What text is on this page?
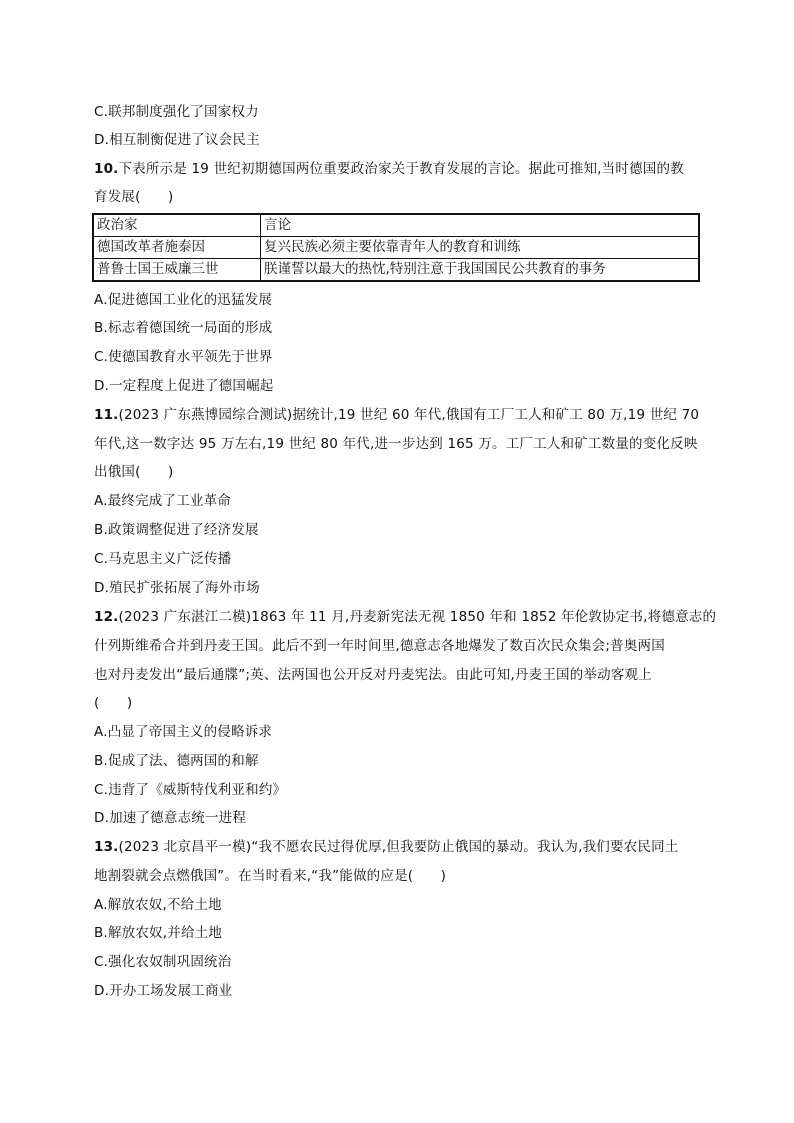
C.联邦制度强化了国家权力
D.相互制衡促进了议会民主
10.下表所示是 19 世纪初期德国两位重要政治家关于教育发展的言论。据此可推知,当时德国的教
育发展(　　)
政治家	言论
德国改革者施泰因	复兴民族必须主要依靠青年人的教育和训练
普鲁士国王威廉三世	朕谨誓以最大的热忱,特别注意于我国国民公共教育的事务
A.促进德国工业化的迅猛发展
B.标志着德国统一局面的形成
C.使德国教育水平领先于世界
D.一定程度上促进了德国崛起
11.(2023 广东燕博园综合测试)据统计,19 世纪 60 年代,俄国有工厂工人和矿工 80 万,19 世纪 70
年代,这一数字达 95 万左右,19 世纪 80 年代,进一步达到 165 万。工厂工人和矿工数量的变化反映
出俄国(　　)
A.最终完成了工业革命
B.政策调整促进了经济发展
C.马克思主义广泛传播
D.殖民扩张拓展了海外市场
12.(2023 广东湛江二模)1863 年 11 月,丹麦新宪法无视 1850 年和 1852 年伦敦协定书,将德意志的
什列斯维希合并到丹麦王国。此后不到一年时间里,德意志各地爆发了数百次民众集会;普奥两国
也对丹麦发出“最后通牒”;英、法两国也公开反对丹麦宪法。由此可知,丹麦王国的举动客观上
(　　)
A.凸显了帝国主义的侵略诉求
B.促成了法、德两国的和解
C.违背了《威斯特伐利亚和约》
D.加速了德意志统一进程
13.(2023 北京昌平一模)“我不愿农民过得优厚,但我要防止俄国的暴动。我认为,我们要农民同土
地割裂就会点燃俄国”。在当时看来,“我”能做的应是(　　)
A.解放农奴,不给土地
B.解放农奴,并给土地
C.强化农奴制巩固统治
D.开办工场发展工商业
